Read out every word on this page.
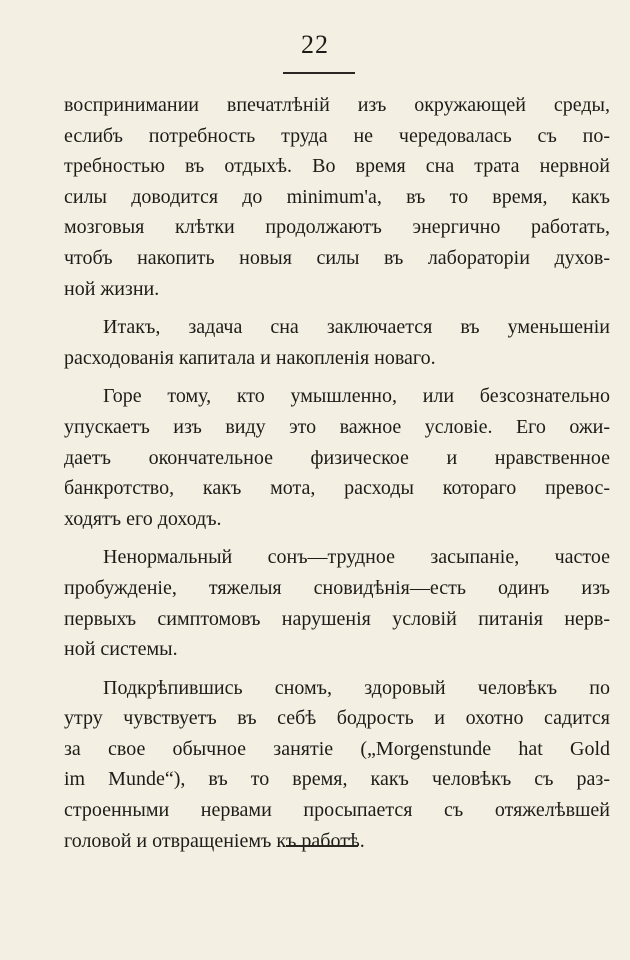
22
воспринимании впечатлѣній изъ окружающей среды,
еслибъ потребность труда не чередовалась съ по-
требностью въ отдыхѣ. Во время сна трата нервной
силы доводится до minimum'а, въ то время, какъ
мозговыя клѣтки продолжаютъ энергично работать,
чтобъ накопить новыя силы въ лабораторіи духов-
ной жизни.
Итакъ, задача сна заключается въ уменьшеніи
расходованія капитала и накопленія новаго.
Горе тому, кто умышленно, или безсознательно
упускаетъ изъ виду это важное условіе. Его ожи-
даетъ окончательное физическое и нравственное
банкротство, какъ мота, расходы котораго превос-
ходятъ его доходъ.
Ненормальный сонъ—трудное засыпаніе, частое
пробужденіе, тяжелыя сновидѣнія—есть одинъ изъ
первыхъ симптомовъ нарушенія условій питанія нерв-
ной системы.
Подкрѣпившись сномъ, здоровый человѣкъ по
утру чувствуетъ въ себѣ бодрость и охотно садится
за свое обычное занятіе („Morgenstunde hat Gold
im Munde“), въ то время, какъ человѣкъ съ раз-
строенными нервами просыпается съ отяжелѣвшей
головой и отвращеніемъ къ работѣ.
